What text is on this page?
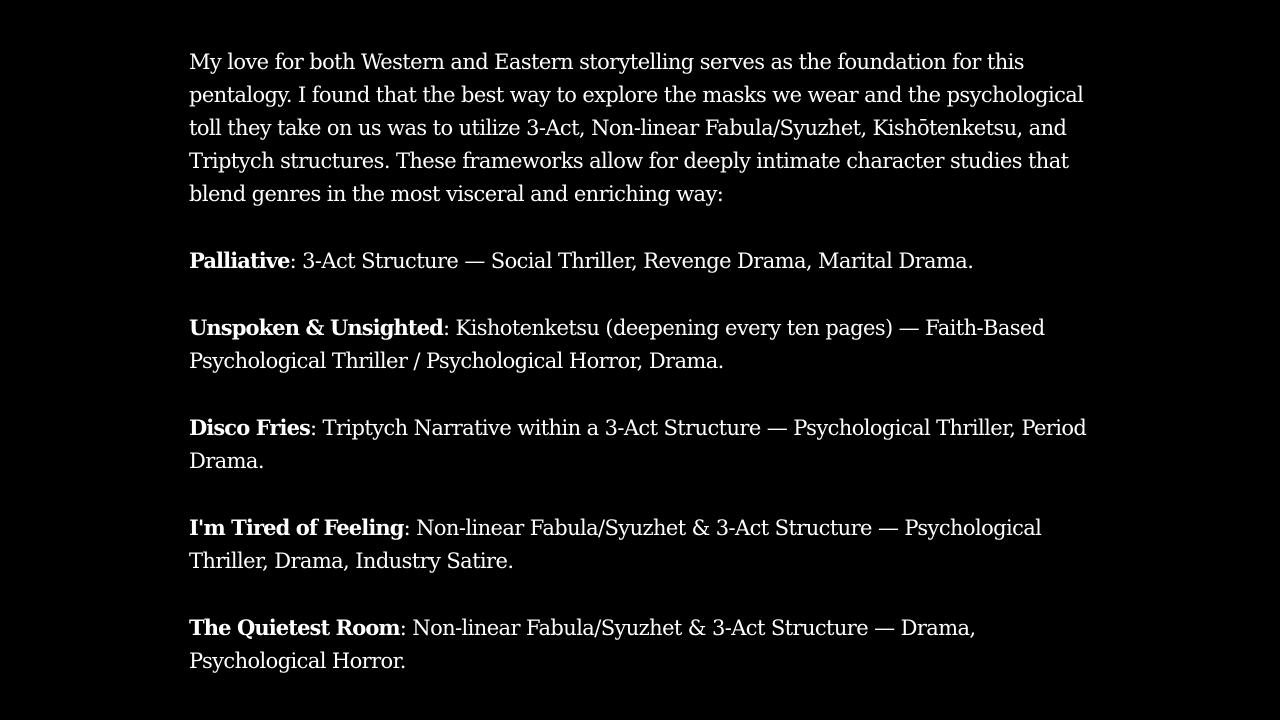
My love for both Western and Eastern storytelling serves as the foundation for this pentalogy. I found that the best way to explore the masks we wear and the psychological toll they take on us was to utilize 3-Act, Non-linear Fabula/Syuzhet, Kishōtenketsu, and Triptych structures. These frameworks allow for deeply intimate character studies that blend genres in the most visceral and enriching way:

Palliative: 3-Act Structure — Social Thriller, Revenge Drama, Marital Drama.

Unspoken & Unsighted: Kishotenketsu (deepening every ten pages) — Faith-Based Psychological Thriller / Psychological Horror, Drama.

Disco Fries: Triptych Narrative within a 3-Act Structure — Psychological Thriller, Period Drama.

I'm Tired of Feeling: Non-linear Fabula/Syuzhet & 3-Act Structure — Psychological Thriller, Drama, Industry Satire.

The Quietest Room: Non-linear Fabula/Syuzhet & 3-Act Structure — Drama, Psychological Horror.
